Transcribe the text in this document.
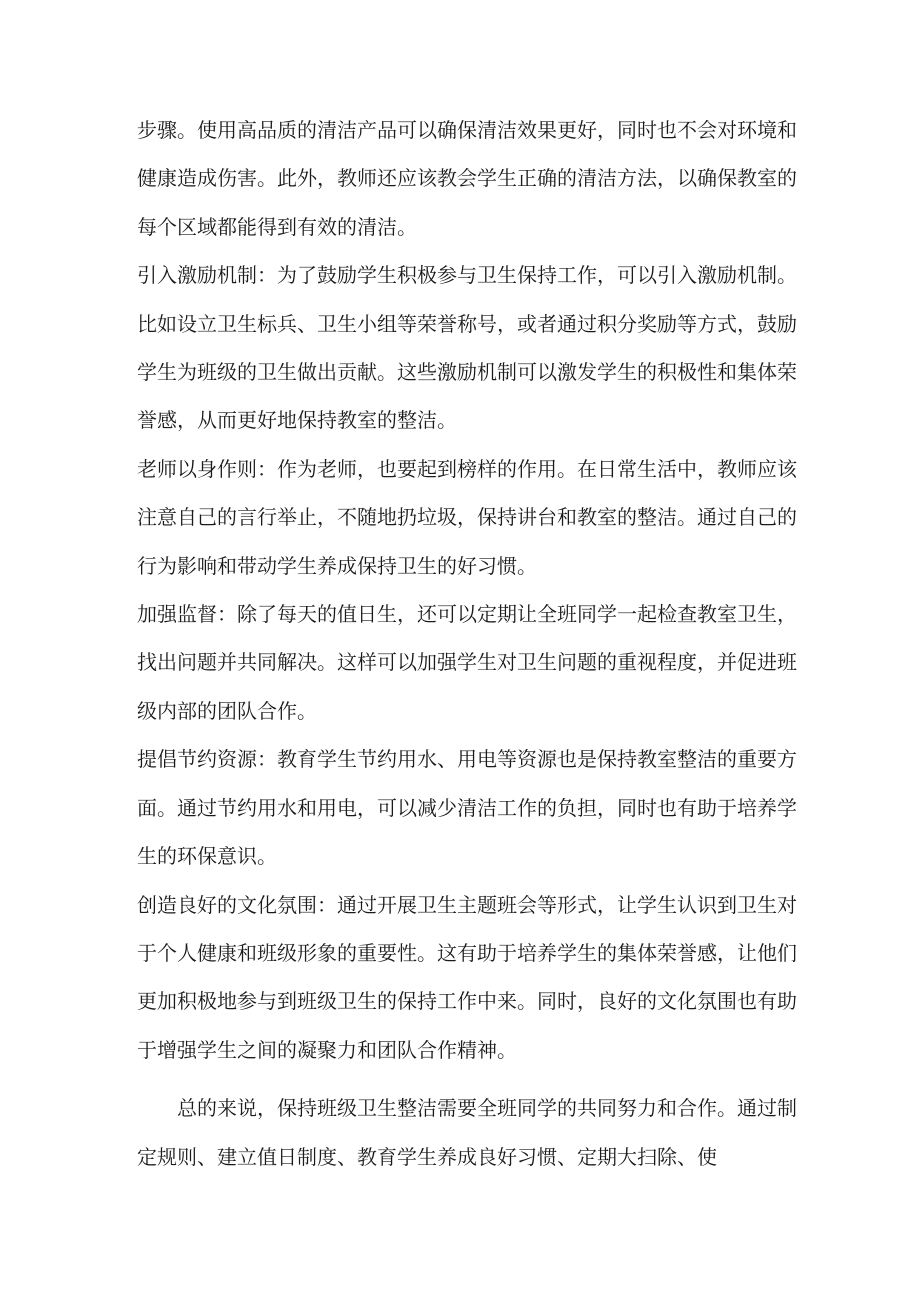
步骤。使用高品质的清洁产品可以确保清洁效果更好，同时也不会对环境和健康造成伤害。此外，教师还应该教会学生正确的清洁方法，以确保教室的每个区域都能得到有效的清洁。

引入激励机制：为了鼓励学生积极参与卫生保持工作，可以引入激励机制。比如设立卫生标兵、卫生小组等荣誉称号，或者通过积分奖励等方式，鼓励学生为班级的卫生做出贡献。这些激励机制可以激发学生的积极性和集体荣誉感，从而更好地保持教室的整洁。

老师以身作则：作为老师，也要起到榜样的作用。在日常生活中，教师应该注意自己的言行举止，不随地扔垃圾，保持讲台和教室的整洁。通过自己的行为影响和带动学生养成保持卫生的好习惯。

加强监督：除了每天的值日生，还可以定期让全班同学一起检查教室卫生，找出问题并共同解决。这样可以加强学生对卫生问题的重视程度，并促进班级内部的团队合作。

提倡节约资源：教育学生节约用水、用电等资源也是保持教室整洁的重要方面。通过节约用水和用电，可以减少清洁工作的负担，同时也有助于培养学生的环保意识。

创造良好的文化氛围：通过开展卫生主题班会等形式，让学生认识到卫生对于个人健康和班级形象的重要性。这有助于培养学生的集体荣誉感，让他们更加积极地参与到班级卫生的保持工作中来。同时，良好的文化氛围也有助于增强学生之间的凝聚力和团队合作精神。

总的来说，保持班级卫生整洁需要全班同学的共同努力和合作。通过制定规则、建立值日制度、教育学生养成良好习惯、定期大扫除、使
